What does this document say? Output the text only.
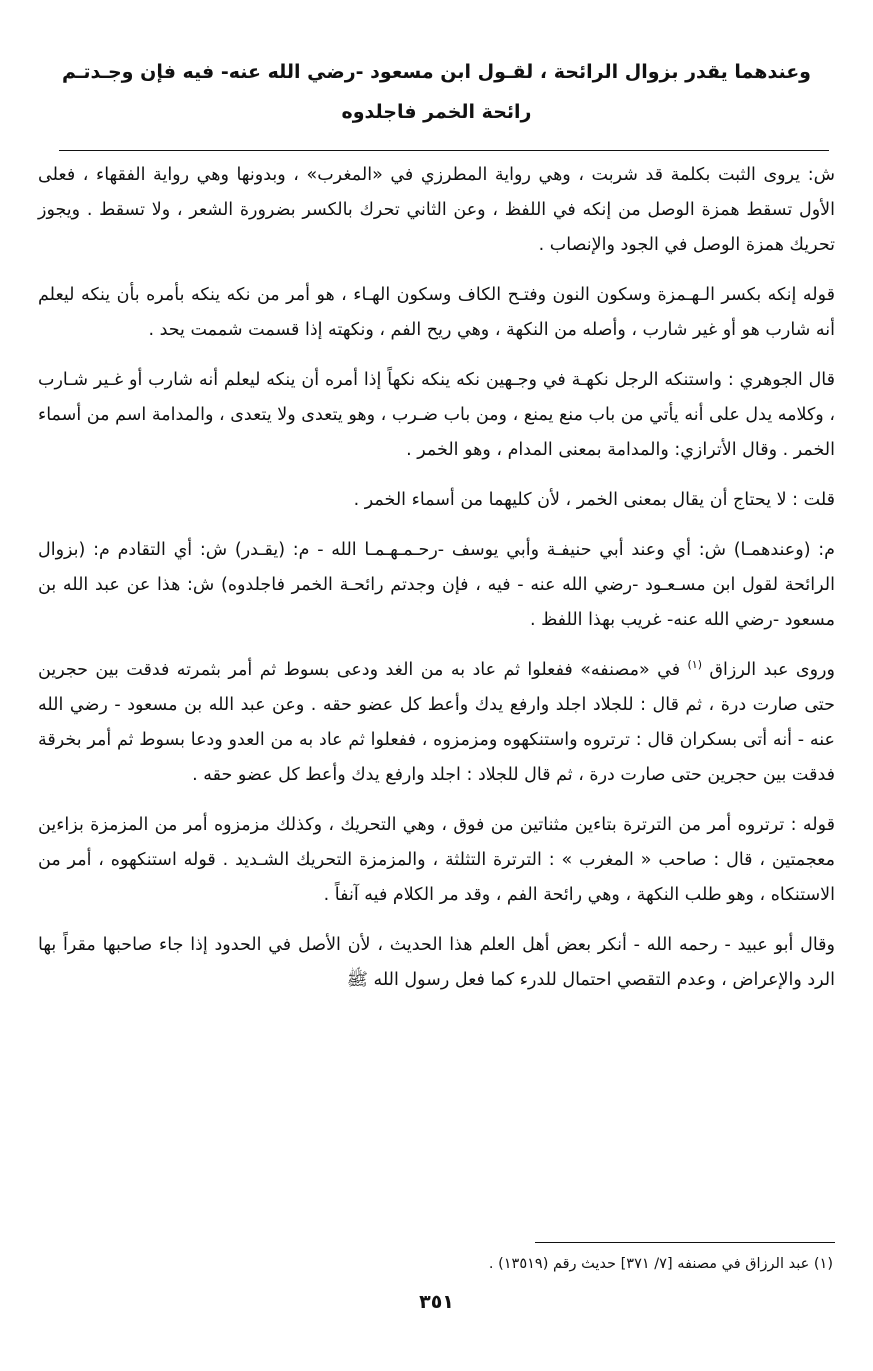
وعندهما يقدر بزوال الرائحة ، لقـول ابن مسعود -رضي الله عنه- فيه فإن وجـدتـم رائحة الخمر فاجلدوه

ش: يروى الثبت بكلمة قد شربت ، وهي رواية المطرزي في «المغرب» ، وبدونها وهي رواية الفقهاء ، فعلى الأول تسقط همزة الوصل من إنكه في اللفظ ، وعن الثاني تحرك بالكسر بضرورة الشعر ، ولا تسقط . ويجوز تحريك همزة الوصل في الجود والإنصاب .

قوله إنكه بكسر الـهـمزة وسكون النون وفتـح الكاف وسكون الهـاء ، هو أمر من نكه ينكه بأمره بأن ينكه ليعلم أنه شارب هو أو غير شارب ، وأصله من النكهة ، وهي ريح الفم ، ونكهته إذا قسمت شممت يحد .

قال الجوهري : واستنكه الرجل نكهـة في وجـهين نكه ينكه نكهاً إذا أمره أن ينكه ليعلم أنه شارب أو غـير شـارب ، وكلامه يدل على أنه يأتي من باب منع يمنع ، ومن باب ضـرب ، وهو يتعدى ولا يتعدى ، والمدامة اسم من أسماء الخمر . وقال الأترازي: والمدامة بمعنى المدام ، وهو الخمر .

قلت : لا يحتاج أن يقال بمعنى الخمر ، لأن كليهما من أسماء الخمر .

م: (وعندهمـا) ش: أي وعند أبي حنيفـة وأبي يوسف -رحـمـهـمـا الله - م: (يقـدر) ش: أي التقادم م: (بزوال الرائحة لقول ابن مسـعـود -رضي الله عنه - فيه ، فإن وجدتم رائحـة الخمر فاجلدوه) ش: هذا عن عبد الله بن مسعود -رضي الله عنه- غريب بهذا اللفظ .

وروى عبد الرزاق $^{(١)}$ في «مصنفه» ففعلوا ثم عاد به من الغد ودعى بسوط ثم أمر بثمرته فدقت بين حجرين حتى صارت درة ، ثم قال : للجلاد اجلد وارفع يدك وأعط كل عضو حقه . وعن عبد الله بن مسعود - رضي الله عنه - أنه أتى بسكران قال : ترتروه واستنكهوه ومزمزوه ، ففعلوا ثم عاد به من العدو ودعا بسوط ثم أمر بخرقة فدقت بين حجرين حتى صارت درة ، ثم قال للجلاد : اجلد وارفع يدك وأعط كل عضو حقه .

قوله : ترتروه أمر من الترترة بتاءين مثناتين من فوق ، وهي التحريك ، وكذلك مزمزوه أمر من المزمزة بزاءين معجمتين ، قال : صاحب « المغرب » : الترترة التثلثة ، والمزمزة التحريك الشـديد . قوله استنكهوه ، أمر من الاستنكاه ، وهو طلب النكهة ، وهي رائحة الفم ، وقد مر الكلام فيه آنفاً .

وقال أبو عبيد - رحمه الله - أنكر بعض أهل العلم هذا الحديث ، لأن الأصل في الحدود إذا جاء صاحبها مقراً بها الرد والإعراض ، وعدم التقصي احتمال للدرء كما فعل رسول الله ﷺ

(١) عبد الرزاق في مصنفه [٧/ ٣٧١] حديث رقم (١٣٥١٩) .

٣٥١
